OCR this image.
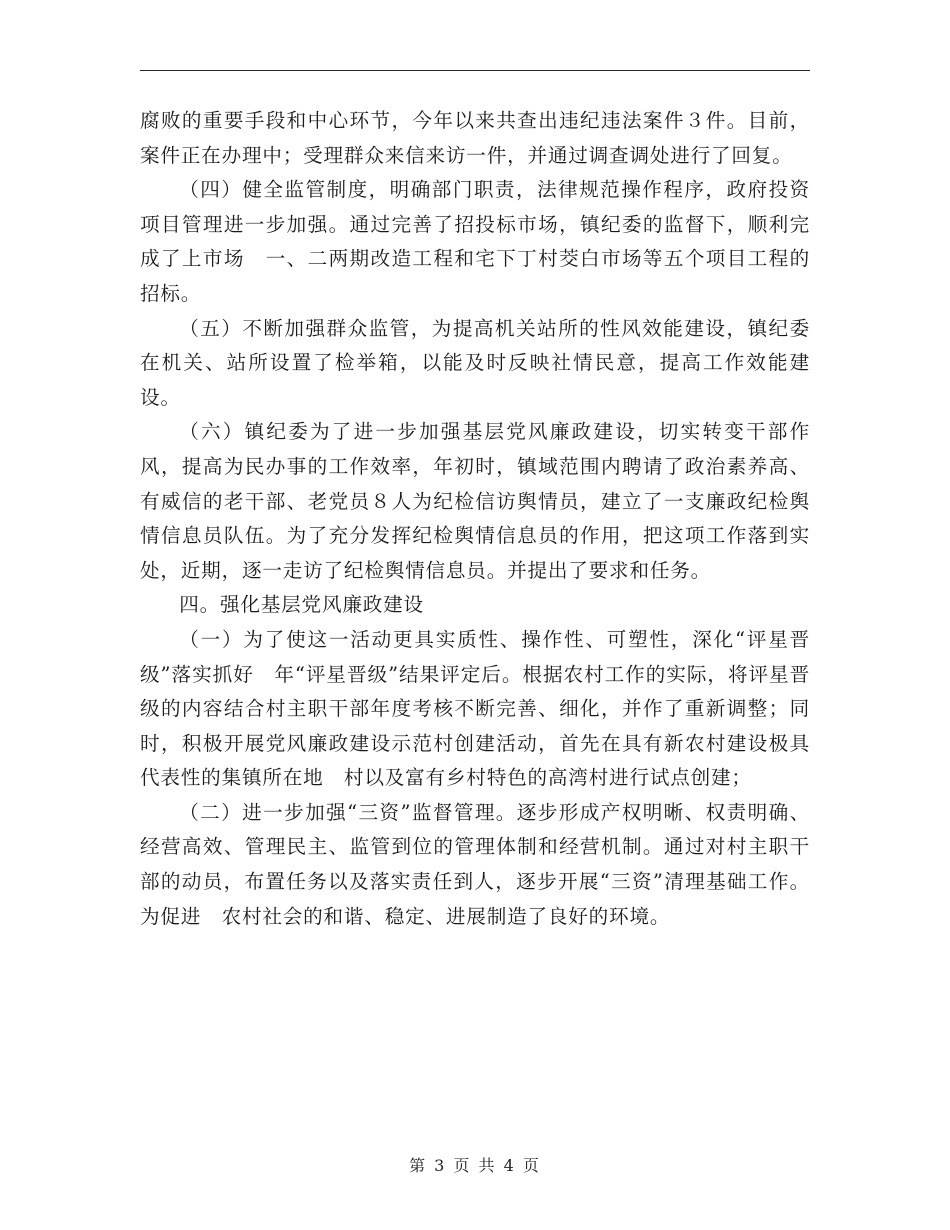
腐败的重要手段和中心环节，今年以来共查出违纪违法案件３件。目前，案件正在办理中；受理群众来信来访一件，并通过调查调处进行了回复。

（四）健全监管制度，明确部门职责，法律规范操作程序，政府投资项目管理进一步加强。通过完善了招投标市场，镇纪委的监督下，顺利完成了上市场　一、二两期改造工程和宅下丁村茭白市场等五个项目工程的招标。

（五）不断加强群众监管，为提高机关站所的性风效能建设，镇纪委在机关、站所设置了检举箱，以能及时反映社情民意，提高工作效能建设。

（六）镇纪委为了进一步加强基层党风廉政建设，切实转变干部作风，提高为民办事的工作效率，年初时，镇域范围内聘请了政治素养高、有威信的老干部、老党员８人为纪检信访舆情员，建立了一支廉政纪检舆情信息员队伍。为了充分发挥纪检舆情信息员的作用，把这项工作落到实处，近期，逐一走访了纪检舆情信息员。并提出了要求和任务。

四。强化基层党风廉政建设

（一）为了使这一活动更具实质性、操作性、可塑性，深化“评星晋级”落实抓好　年“评星晋级”结果评定后。根据农村工作的实际，将评星晋级的内容结合村主职干部年度考核不断完善、细化，并作了重新调整；同时，积极开展党风廉政建设示范村创建活动，首先在具有新农村建设极具代表性的集镇所在地　村以及富有乡村特色的高湾村进行试点创建；

（二）进一步加强“三资”监督管理。逐步形成产权明晰、权责明确、经营高效、管理民主、监管到位的管理体制和经营机制。通过对村主职干部的动员，布置任务以及落实责任到人，逐步开展“三资”清理基础工作。为促进　农村社会的和谐、稳定、进展制造了良好的环境。

第 3 页 共 4 页
